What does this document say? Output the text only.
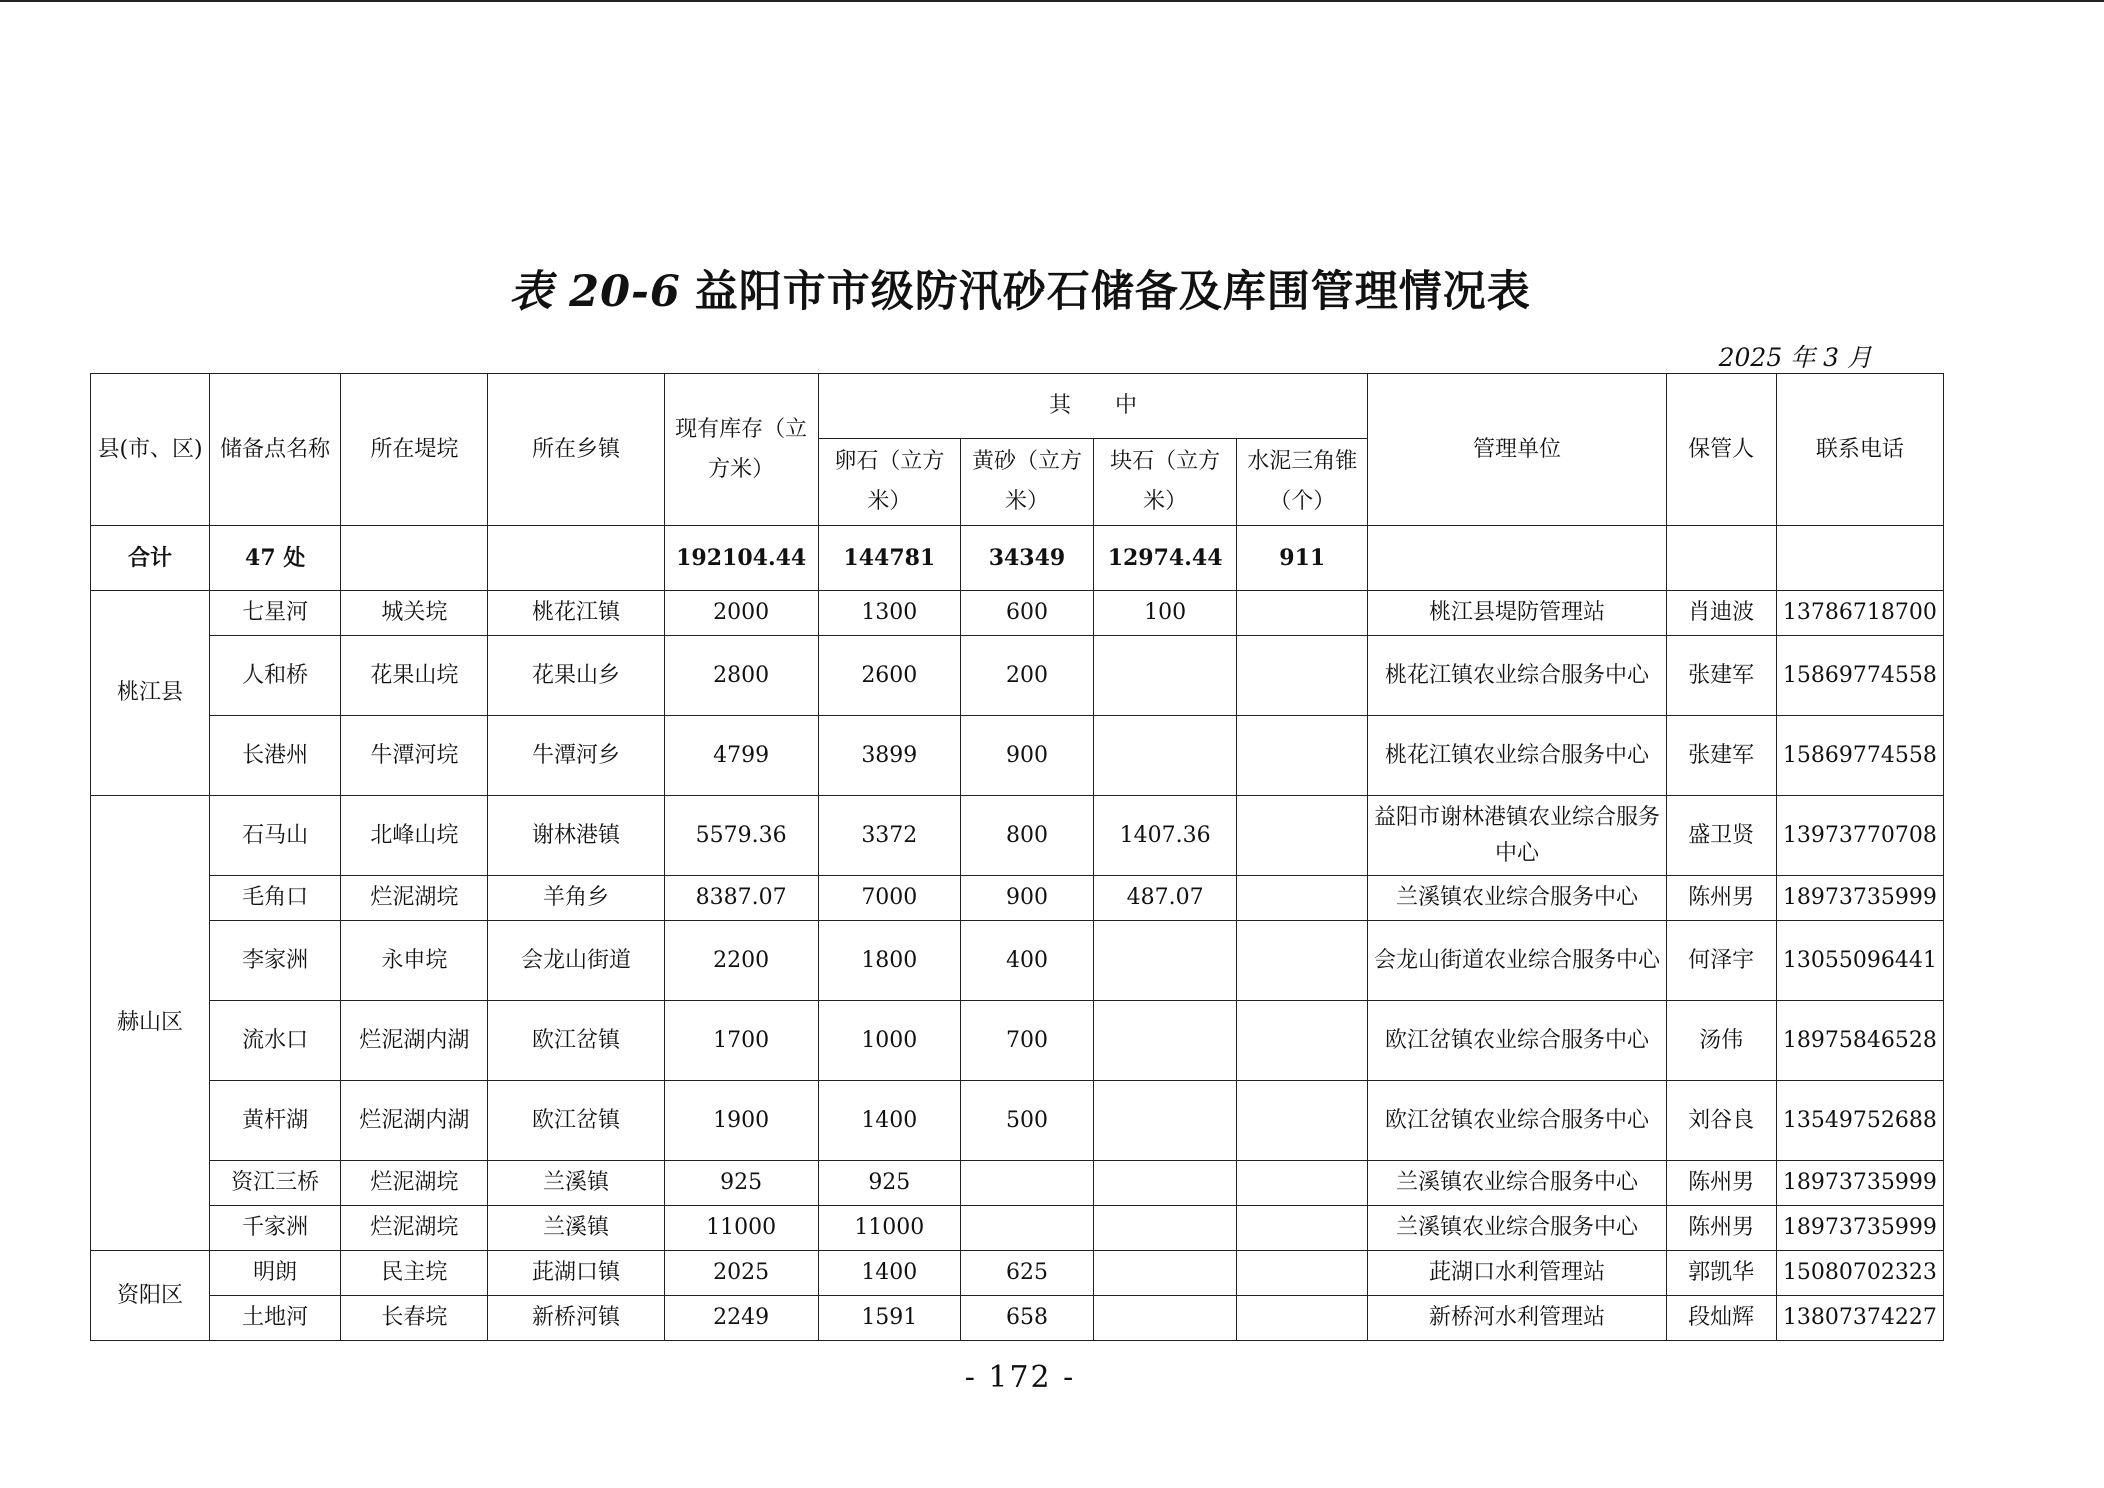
表 20-6 益阳市市级防汛砂石储备及库围管理情况表
2025 年 3 月
县(市、区)	储备点名称	所在堤垸	所在乡镇	现有库存（立方米）	其　　中				管理单位	保管人	联系电话
					卵石（立方米）	黄砂（立方米）	块石（立方米）	水泥三角锥（个）			
合计	47 处			192104.44	144781	34349	12974.44	911			
桃江县	七星河	城关垸	桃花江镇	2000	1300	600	100		桃江县堤防管理站	肖迪波	13786718700
	人和桥	花果山垸	花果山乡	2800	2600	200			桃花江镇农业综合服务中心	张建军	15869774558
	长港州	牛潭河垸	牛潭河乡	4799	3899	900			桃花江镇农业综合服务中心	张建军	15869774558
赫山区	石马山	北峰山垸	谢林港镇	5579.36	3372	800	1407.36		益阳市谢林港镇农业综合服务中心	盛卫贤	13973770708
	毛角口	烂泥湖垸	羊角乡	8387.07	7000	900	487.07		兰溪镇农业综合服务中心	陈州男	18973735999
	李家洲	永申垸	会龙山街道	2200	1800	400			会龙山街道农业综合服务中心	何泽宇	13055096441
	流水口	烂泥湖内湖	欧江岔镇	1700	1000	700			欧江岔镇农业综合服务中心	汤伟	18975846528
	黄杆湖	烂泥湖内湖	欧江岔镇	1900	1400	500			欧江岔镇农业综合服务中心	刘谷良	13549752688
	资江三桥	烂泥湖垸	兰溪镇	925	925				兰溪镇农业综合服务中心	陈州男	18973735999
	千家洲	烂泥湖垸	兰溪镇	11000	11000				兰溪镇农业综合服务中心	陈州男	18973735999
资阳区	明朗	民主垸	茈湖口镇	2025	1400	625			茈湖口水利管理站	郭凯华	15080702323
	土地河	长春垸	新桥河镇	2249	1591	658			新桥河水利管理站	段灿辉	13807374227
- 172 -
